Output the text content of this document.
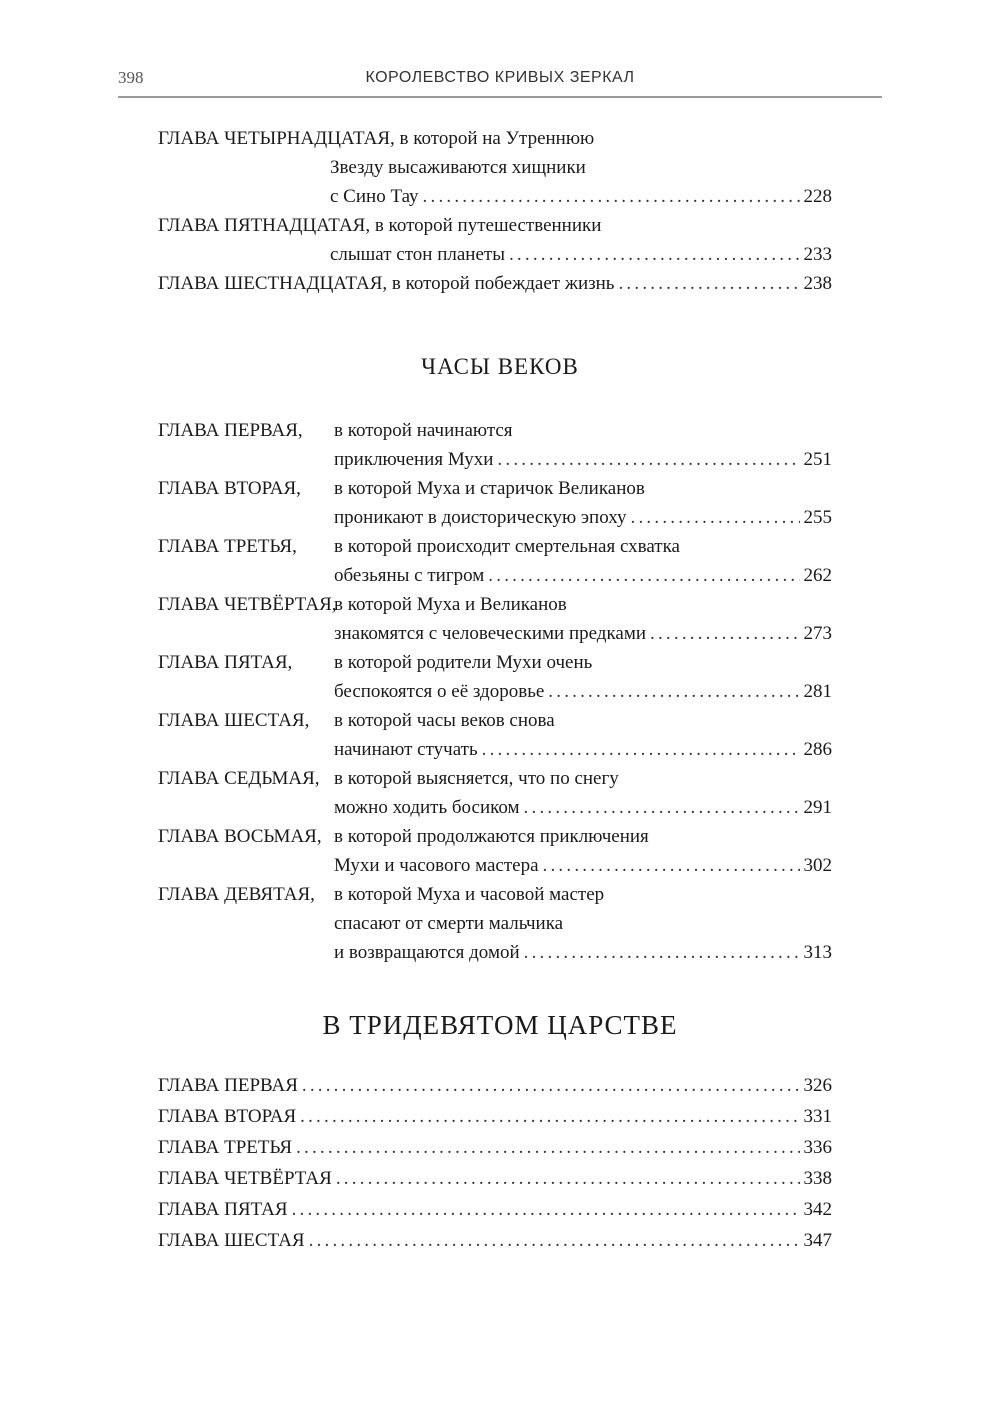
398	КОРОЛЕВСТВО КРИВЫХ ЗЕРКАЛ
ГЛАВА ЧЕТЫРНАДЦАТАЯ, в которой на Утреннюю
Звезду высаживаются хищники
с Сино Тау .....	228
ГЛАВА ПЯТНАДЦАТАЯ, в которой путешественники
слышат стон планеты .....	233
ГЛАВА ШЕСТНАДЦАТАЯ, в которой побеждает жизнь .....	238
ЧАСЫ ВЕКОВ
ГЛАВА ПЕРВАЯ, в которой начинаются
приключения Мухи .....	251
ГЛАВА ВТОРАЯ, в которой Муха и старичок Великанов
проникают в доисторическую эпоху .....	255
ГЛАВА ТРЕТЬЯ, в которой происходит смертельная схватка
обезьяны с тигром .....	262
ГЛАВА ЧЕТВЁРТАЯ,в которой Муха и Великанов
знакомятся с человеческими предками .....	273
ГЛАВА ПЯТАЯ, в которой родители Мухи очень
беспокоятся о её здоровье .....	281
ГЛАВА ШЕСТАЯ, в которой часы веков снова
начинают стучать .....	286
ГЛАВА СЕДЬМАЯ, в которой выясняется, что по снегу
можно ходить босиком .....	291
ГЛАВА ВОСЬМАЯ, в которой продолжаются приключения
Мухи и часового мастера .....	302
ГЛАВА ДЕВЯТАЯ, в которой Муха и часовой мастер
спасают от смерти мальчика
и возвращаются домой .....	313
В ТРИДЕВЯТОМ ЦАРСТВЕ
ГЛАВА ПЕРВАЯ .....	326
ГЛАВА ВТОРАЯ .....	331
ГЛАВА ТРЕТЬЯ .....	336
ГЛАВА ЧЕТВЁРТАЯ .....	338
ГЛАВА ПЯТАЯ .....	342
ГЛАВА ШЕСТАЯ .....	347
